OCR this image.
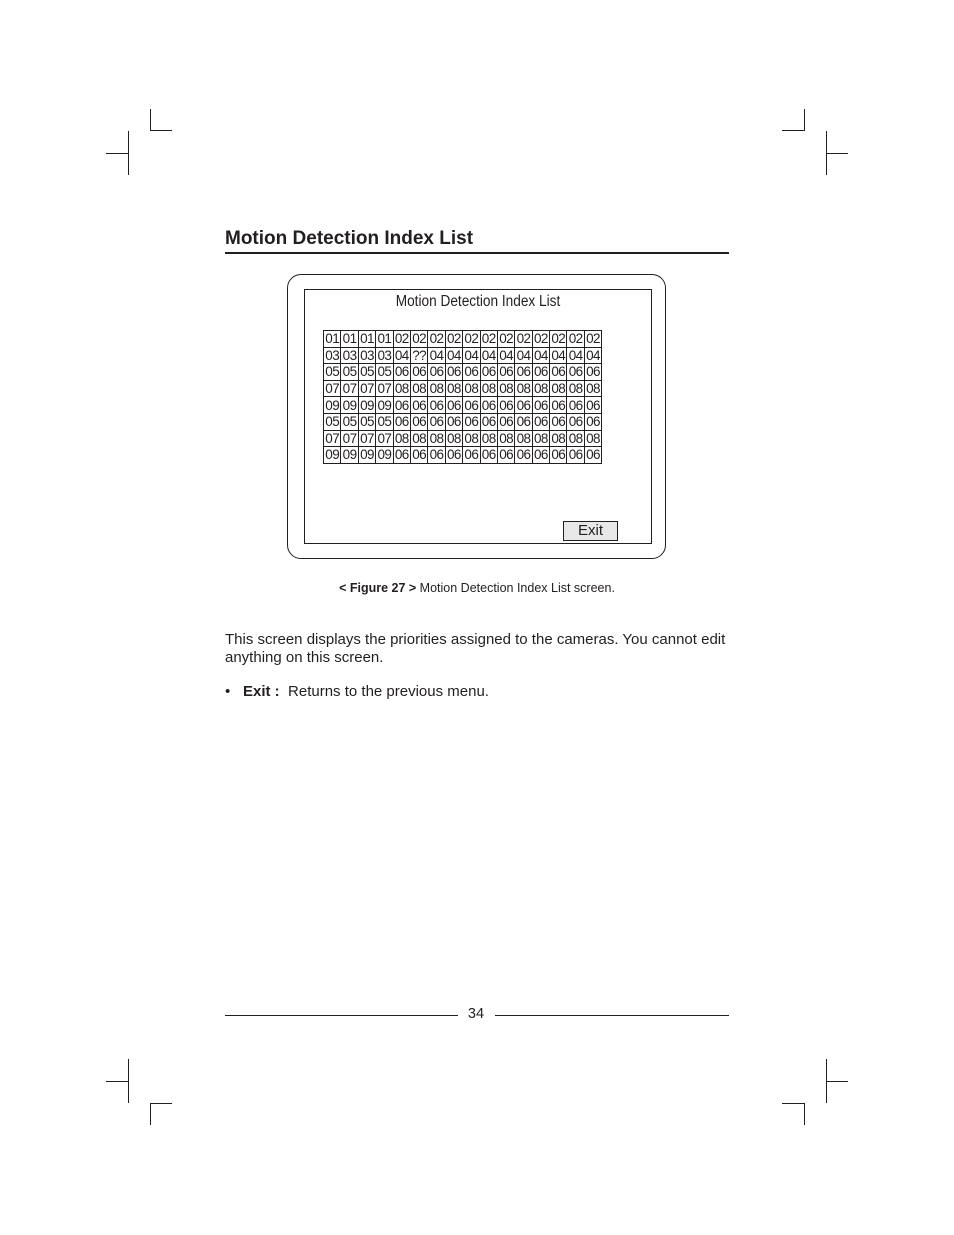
Motion Detection Index List
Motion Detection Index List
01	01	01	01	02	02	02	02	02	02	02	02	02	02	02	02
03	03	03	03	04	??	04	04	04	04	04	04	04	04	04	04
05	05	05	05	06	06	06	06	06	06	06	06	06	06	06	06
07	07	07	07	08	08	08	08	08	08	08	08	08	08	08	08
09	09	09	09	06	06	06	06	06	06	06	06	06	06	06	06
05	05	05	05	06	06	06	06	06	06	06	06	06	06	06	06
07	07	07	07	08	08	08	08	08	08	08	08	08	08	08	08
09	09	09	09	06	06	06	06	06	06	06	06	06	06	06	06
Exit
< Figure 27 > Motion Detection Index List screen.

This screen displays the priorities assigned to the cameras. You cannot edit anything on this screen.

• Exit : Returns to the previous menu.
34
